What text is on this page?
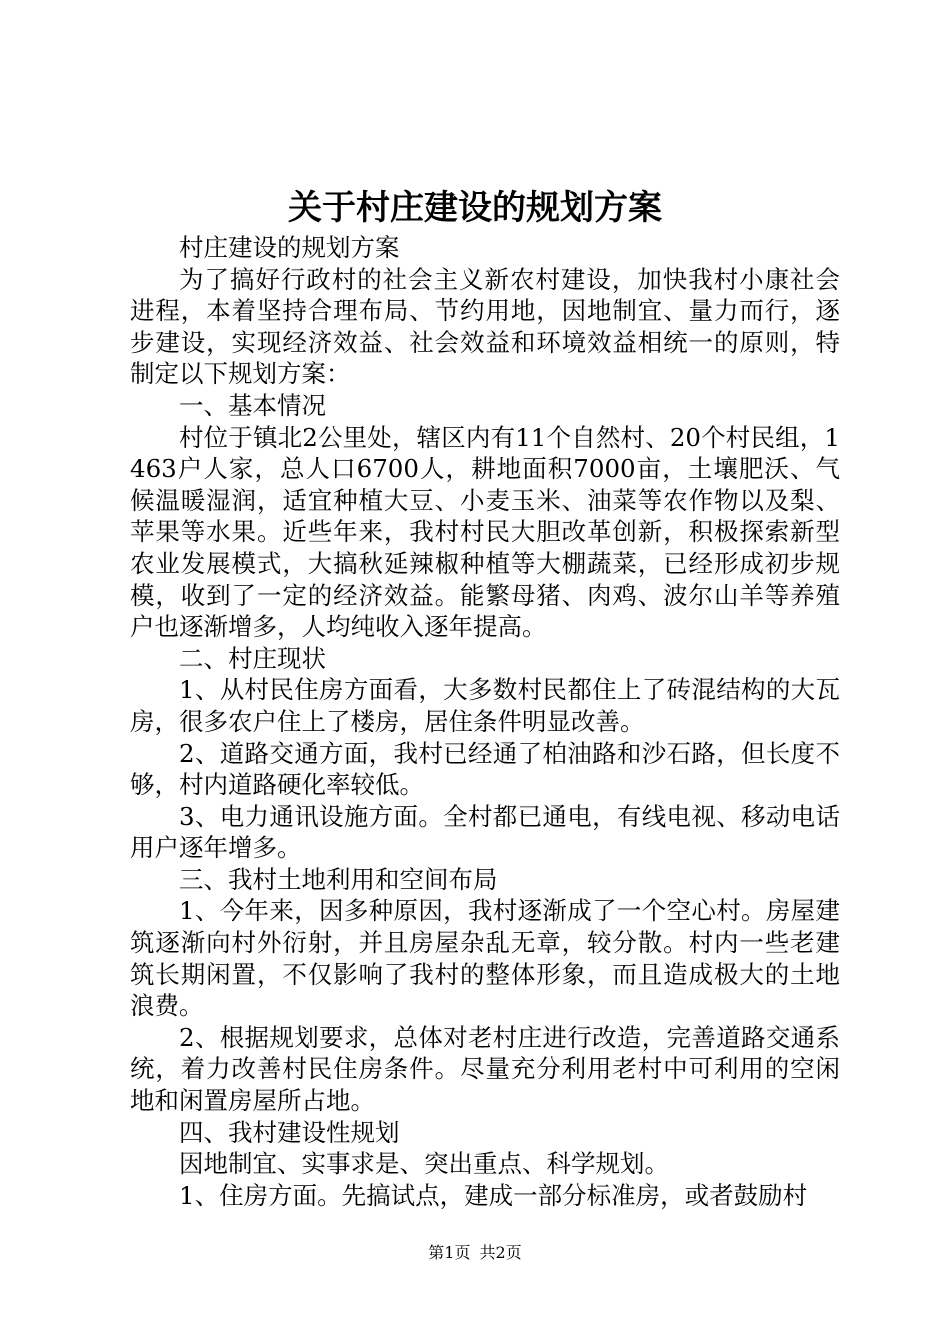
关于村庄建设的规划方案

村庄建设的规划方案

为了搞好行政村的社会主义新农村建设，加快我村小康社会进程，本着坚持合理布局、节约用地，因地制宜、量力而行，逐步建设，实现经济效益、社会效益和环境效益相统一的原则，特制定以下规划方案：

一、基本情况

村位于镇北2公里处，辖区内有11个自然村、20个村民组，1463户人家，总人口6700人，耕地面积7000亩，土壤肥沃、气候温暖湿润，适宜种植大豆、小麦玉米、油菜等农作物以及梨、苹果等水果。近些年来，我村村民大胆改革创新，积极探索新型农业发展模式，大搞秋延辣椒种植等大棚蔬菜，已经形成初步规模，收到了一定的经济效益。能繁母猪、肉鸡、波尔山羊等养殖户也逐渐增多，人均纯收入逐年提高。

二、村庄现状

1、从村民住房方面看，大多数村民都住上了砖混结构的大瓦房，很多农户住上了楼房，居住条件明显改善。

2、道路交通方面，我村已经通了柏油路和沙石路，但长度不够，村内道路硬化率较低。

3、电力通讯设施方面。全村都已通电，有线电视、移动电话用户逐年增多。

三、我村土地利用和空间布局

1、今年来，因多种原因，我村逐渐成了一个空心村。房屋建筑逐渐向村外衍射，并且房屋杂乱无章，较分散。村内一些老建筑长期闲置，不仅影响了我村的整体形象，而且造成极大的土地浪费。

2、根据规划要求，总体对老村庄进行改造，完善道路交通系统，着力改善村民住房条件。尽量充分利用老村中可利用的空闲地和闲置房屋所占地。

四、我村建设性规划

因地制宜、实事求是、突出重点、科学规划。

1、住房方面。先搞试点，建成一部分标准房，或者鼓励村

第1页 共2页
